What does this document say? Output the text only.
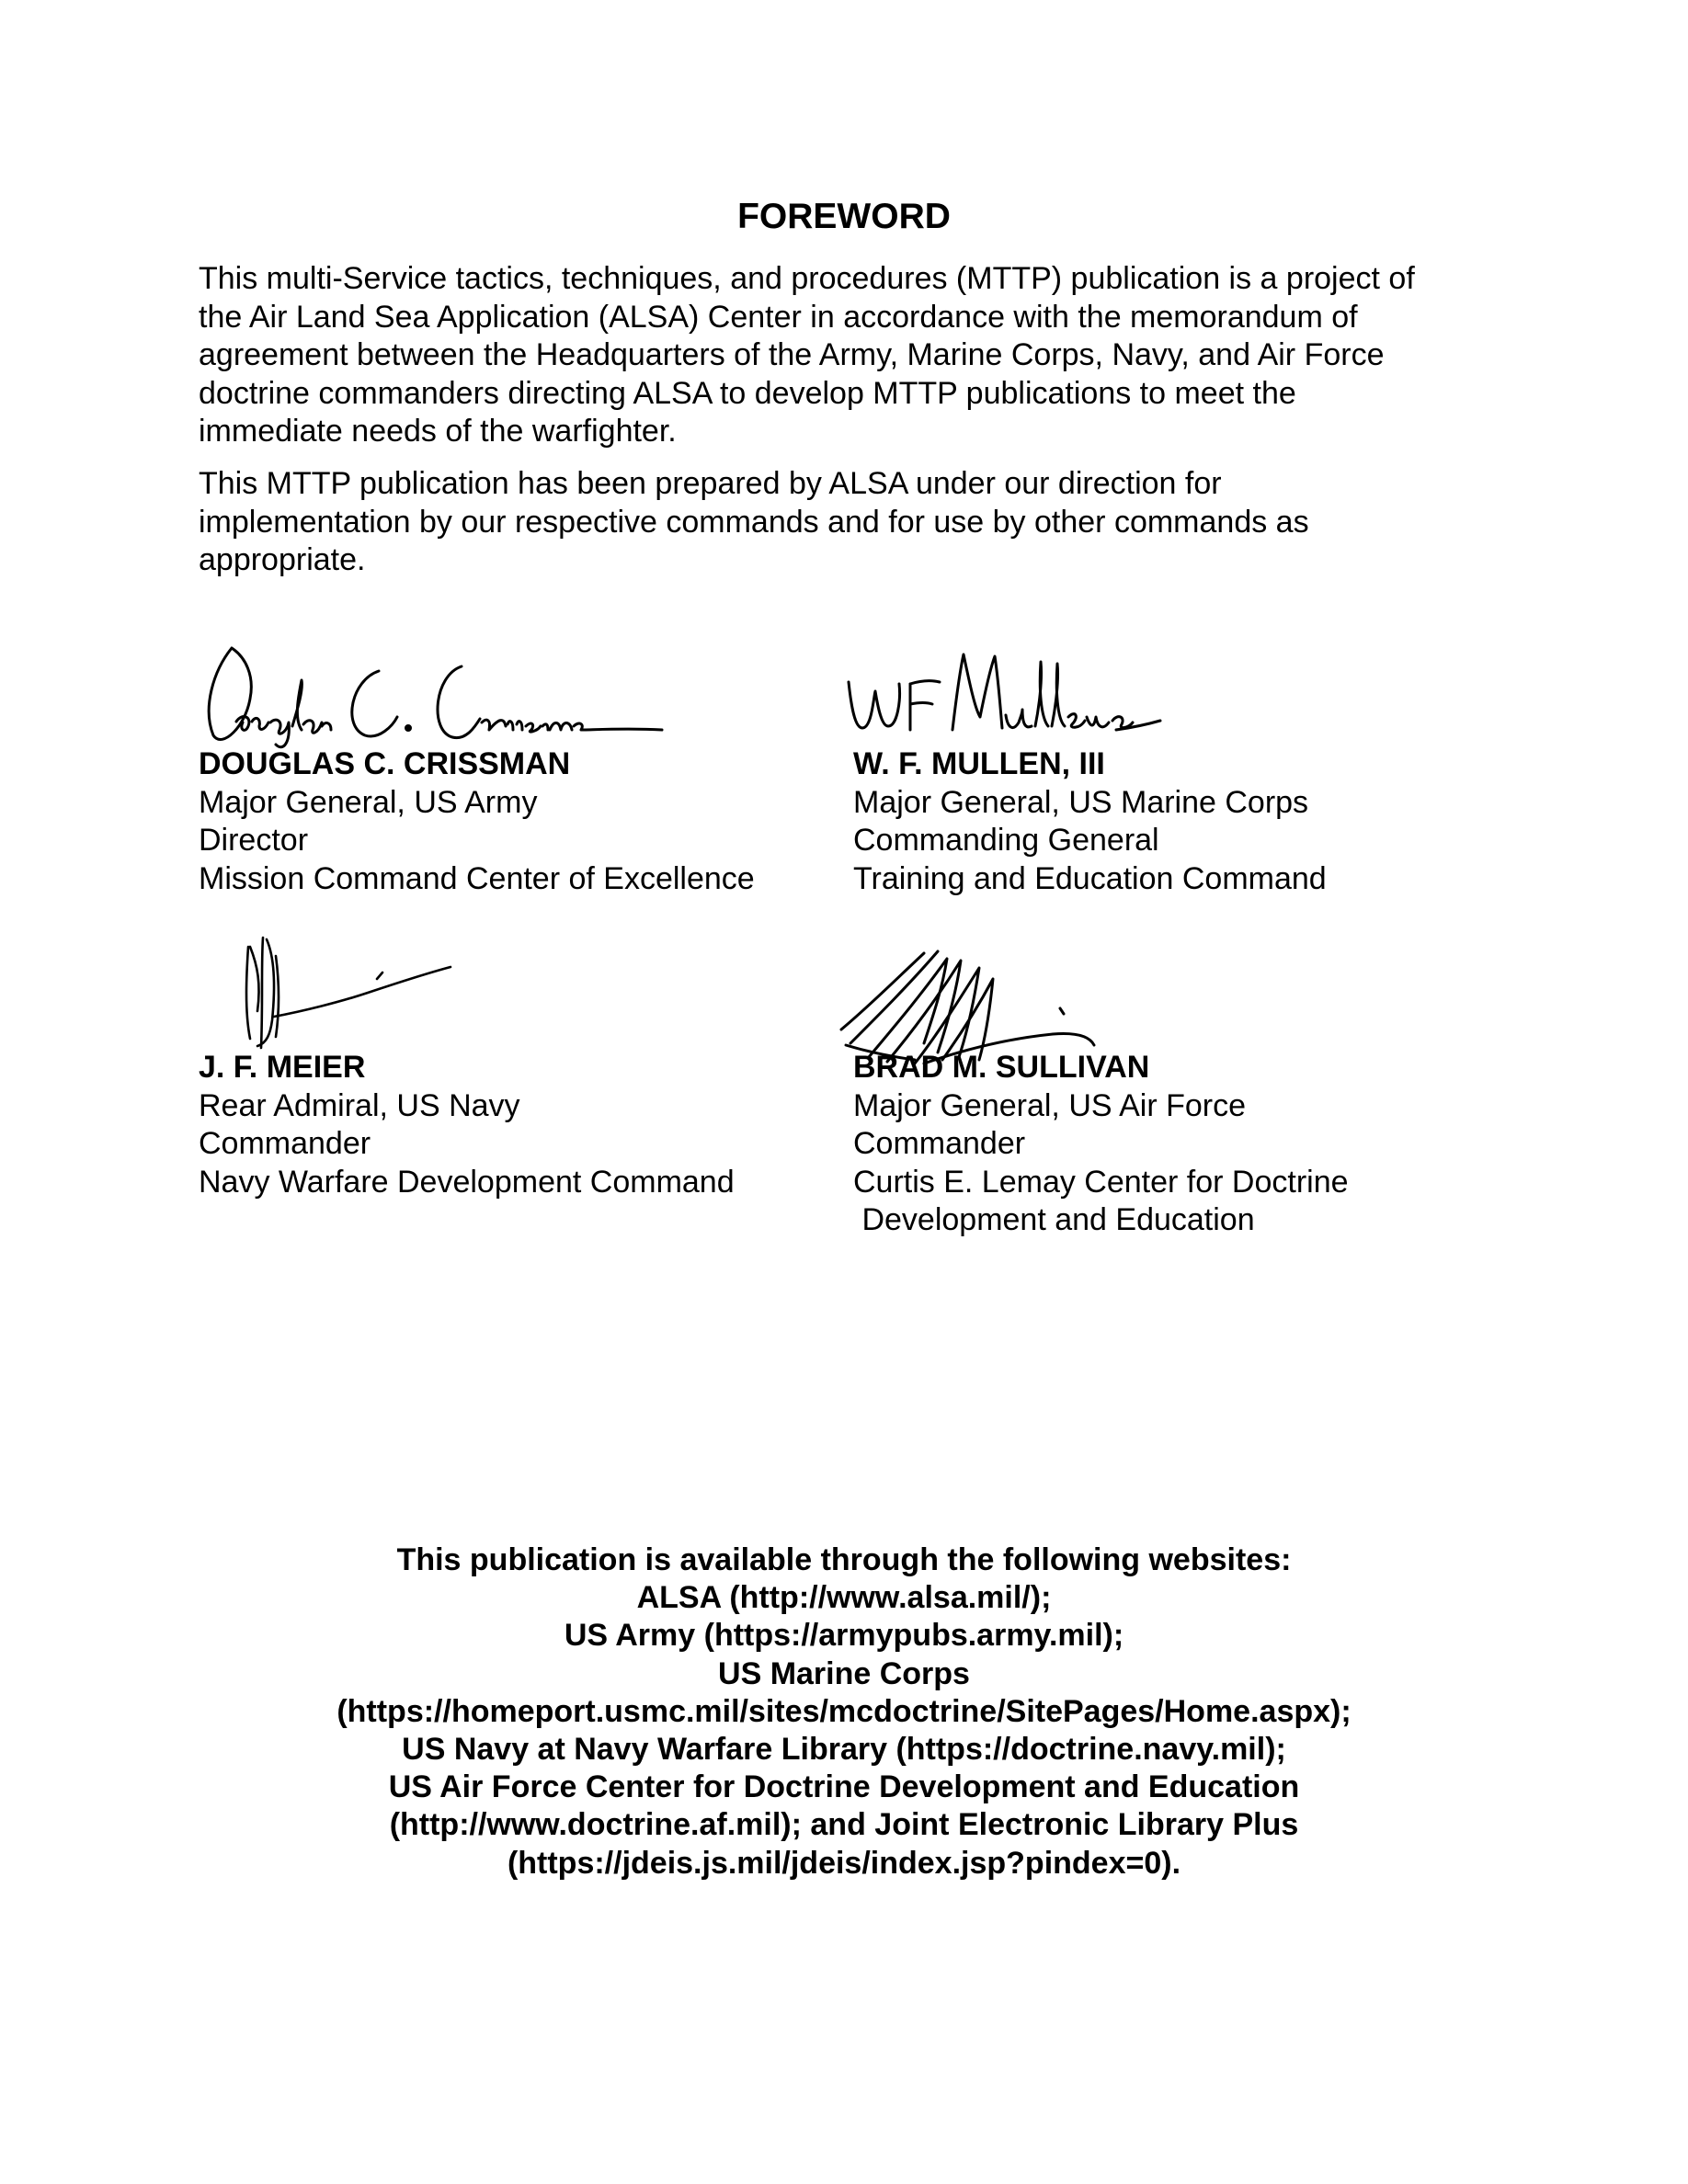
FOREWORD
This multi-Service tactics, techniques, and procedures (MTTP) publication is a project of
the Air Land Sea Application (ALSA) Center in accordance with the memorandum of
agreement between the Headquarters of the Army, Marine Corps, Navy, and Air Force
doctrine commanders directing ALSA to develop MTTP publications to meet the
immediate needs of the warfighter.
This MTTP publication has been prepared by ALSA under our direction for
implementation by our respective commands and for use by other commands as
appropriate.
DOUGLAS C. CRISSMAN
Major General, US Army
Director
Mission Command Center of Excellence
W. F. MULLEN, III
Major General, US Marine Corps
Commanding General
Training and Education Command
J. F. MEIER
Rear Admiral, US Navy
Commander
Navy Warfare Development Command
BRAD M. SULLIVAN
Major General, US Air Force
Commander
Curtis E. Lemay Center for Doctrine
Development and Education
This publication is available through the following websites:
ALSA (http://www.alsa.mil/);
US Army (https://armypubs.army.mil);
US Marine Corps
(https://homeport.usmc.mil/sites/mcdoctrine/SitePages/Home.aspx);
US Navy at Navy Warfare Library (https://doctrine.navy.mil);
US Air Force Center for Doctrine Development and Education
(http://www.doctrine.af.mil); and Joint Electronic Library Plus
(https://jdeis.js.mil/jdeis/index.jsp?pindex=0).
